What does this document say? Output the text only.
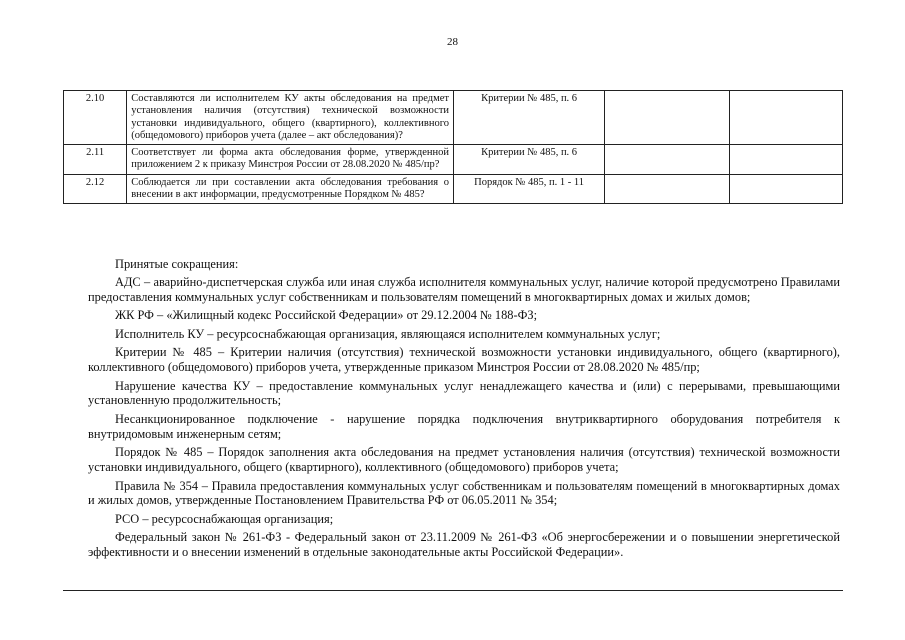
28
2.10	Составляются ли исполнителем КУ акты обследования на предмет установления наличия (отсутствия) технической возможности установки индивидуального, общего (квартирного), коллективного (общедомового) приборов учета (далее – акт обследования)?	Критерии № 485, п. 6		
2.11	Соответствует ли форма акта обследования форме, утвержденной приложением 2 к приказу Минстроя России от 28.08.2020 № 485/пр?	Критерии № 485, п. 6		
2.12	Соблюдается ли при составлении акта обследования требования о внесении в акт информации, предусмотренные Порядком № 485?	Порядок № 485, п. 1 - 11		
Принятые сокращения:

АДС – аварийно-диспетчерская служба или иная служба исполнителя коммунальных услуг, наличие которой предусмотрено Правилами предоставления коммунальных услуг собственникам и пользователям помещений в многоквартирных домах и жилых домов;

ЖК РФ – «Жилищный кодекс Российской Федерации» от 29.12.2004 № 188-ФЗ;

Исполнитель КУ – ресурсоснабжающая организация, являющаяся исполнителем коммунальных услуг;

Критерии № 485 – Критерии наличия (отсутствия) технической возможности установки индивидуального, общего (квартирного), коллективного (общедомового) приборов учета, утвержденные приказом Минстроя России от 28.08.2020 № 485/пр;

Нарушение качества КУ – предоставление коммунальных услуг ненадлежащего качества и (или) с перерывами, превышающими установленную продолжительность;

Несанкционированное подключение - нарушение порядка подключения внутриквартирного оборудования потребителя к внутридомовым инженерным сетям;

Порядок № 485 – Порядок заполнения акта обследования на предмет установления наличия (отсутствия) технической возможности установки индивидуального, общего (квартирного), коллективного (общедомового) приборов учета;

Правила № 354 – Правила предоставления коммунальных услуг собственникам и пользователям помещений в многоквартирных домах и жилых домов, утвержденные Постановлением Правительства РФ от 06.05.2011 № 354;

РСО – ресурсоснабжающая организация;

Федеральный закон № 261-ФЗ - Федеральный закон от 23.11.2009 № 261-ФЗ «Об энергосбережении и о повышении энергетической эффективности и о внесении изменений в отдельные законодательные акты Российской Федерации».
